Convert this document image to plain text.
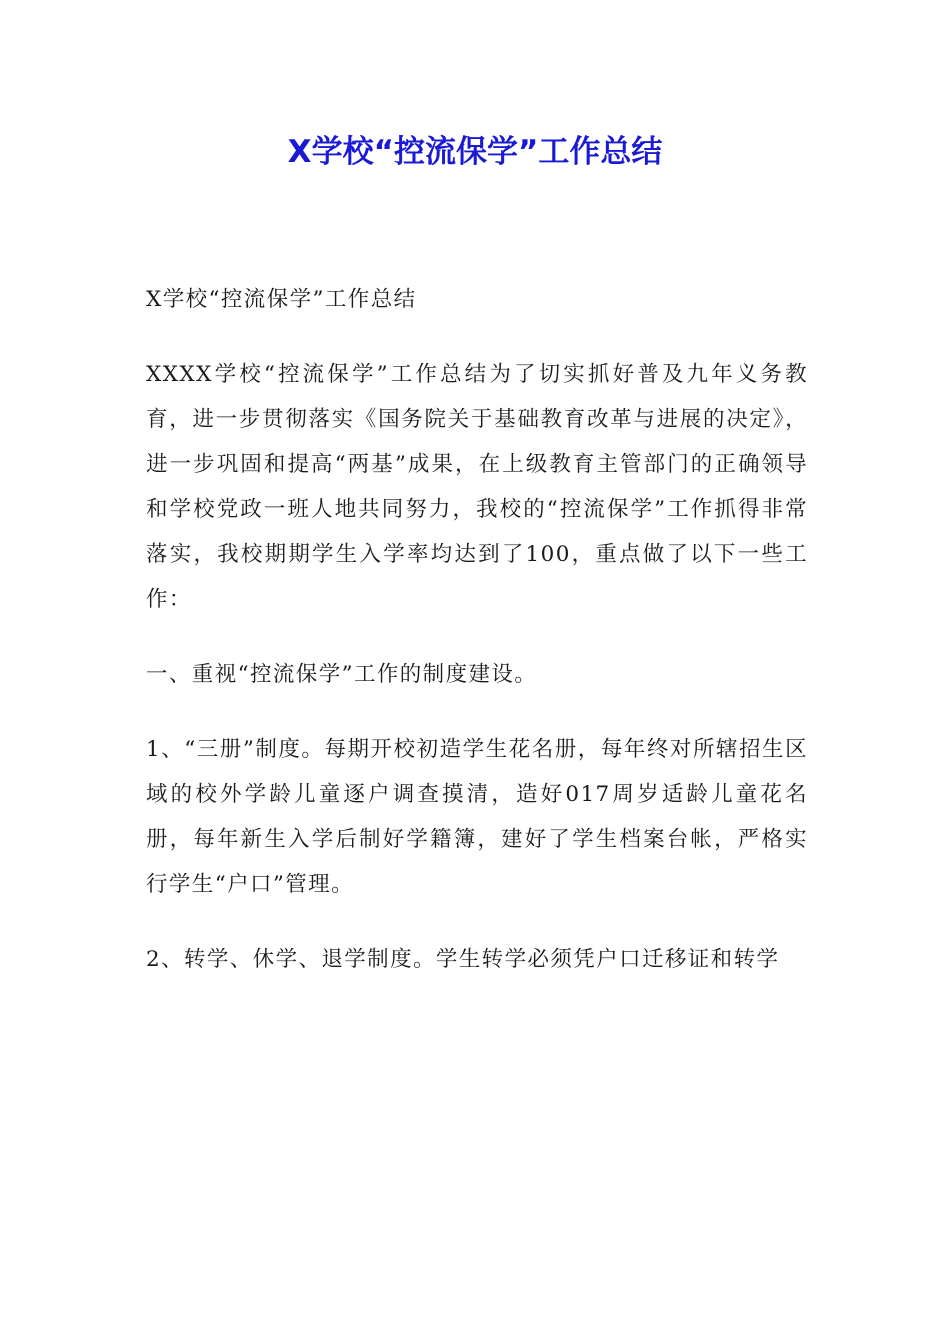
X学校“控流保学”工作总结

X学校“控流保学”工作总结

XXXX学校“控流保学”工作总结为了切实抓好普及九年义务教育，进一步贯彻落实《国务院关于基础教育改革与进展的决定》，进一步巩固和提高“两基”成果，在上级教育主管部门的正确领导和学校党政一班人地共同努力，我校的“控流保学”工作抓得非常落实，我校期期学生入学率均达到了100，重点做了以下一些工作：

一、重视“控流保学”工作的制度建设。

1、“三册”制度。每期开校初造学生花名册，每年终对所辖招生区域的校外学龄儿童逐户调查摸清，造好017周岁适龄儿童花名册，每年新生入学后制好学籍簿，建好了学生档案台帐，严格实行学生“户口”管理。

2、转学、休学、退学制度。学生转学必须凭户口迁移证和转学
